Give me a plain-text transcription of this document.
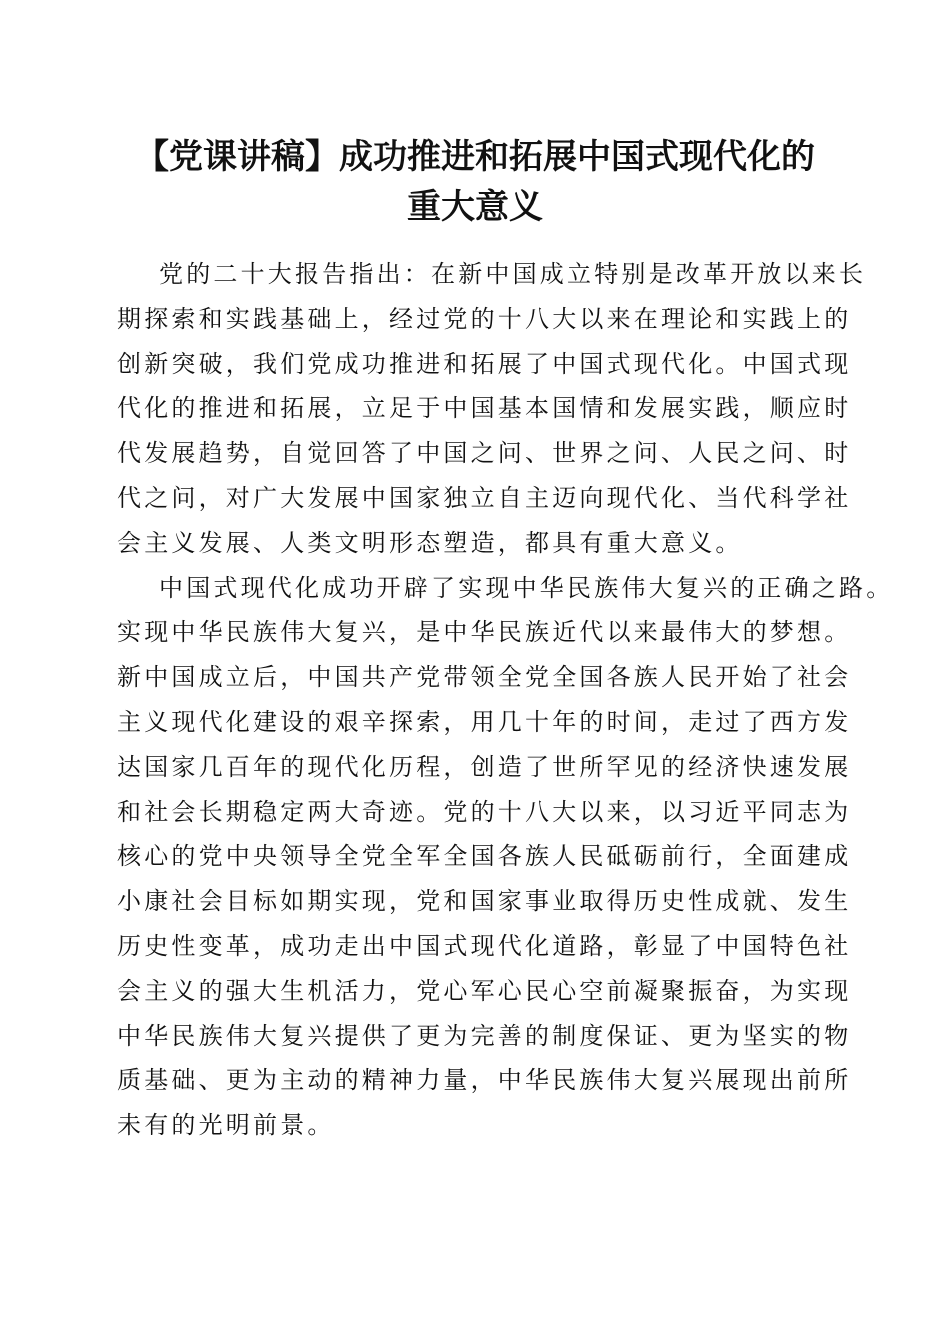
【党课讲稿】成功推进和拓展中国式现代化的
重大意义

党的二十大报告指出：在新中国成立特别是改革开放以来长
期探索和实践基础上，经过党的十八大以来在理论和实践上的
创新突破，我们党成功推进和拓展了中国式现代化。中国式现
代化的推进和拓展，立足于中国基本国情和发展实践，顺应时
代发展趋势，自觉回答了中国之问、世界之问、人民之问、时
代之问，对广大发展中国家独立自主迈向现代化、当代科学社
会主义发展、人类文明形态塑造，都具有重大意义。

中国式现代化成功开辟了实现中华民族伟大复兴的正确之路。
实现中华民族伟大复兴，是中华民族近代以来最伟大的梦想。
新中国成立后，中国共产党带领全党全国各族人民开始了社会
主义现代化建设的艰辛探索，用几十年的时间，走过了西方发
达国家几百年的现代化历程，创造了世所罕见的经济快速发展
和社会长期稳定两大奇迹。党的十八大以来，以习近平同志为
核心的党中央领导全党全军全国各族人民砥砺前行，全面建成
小康社会目标如期实现，党和国家事业取得历史性成就、发生
历史性变革，成功走出中国式现代化道路，彰显了中国特色社
会主义的强大生机活力，党心军心民心空前凝聚振奋，为实现
中华民族伟大复兴提供了更为完善的制度保证、更为坚实的物
质基础、更为主动的精神力量，中华民族伟大复兴展现出前所
未有的光明前景。
